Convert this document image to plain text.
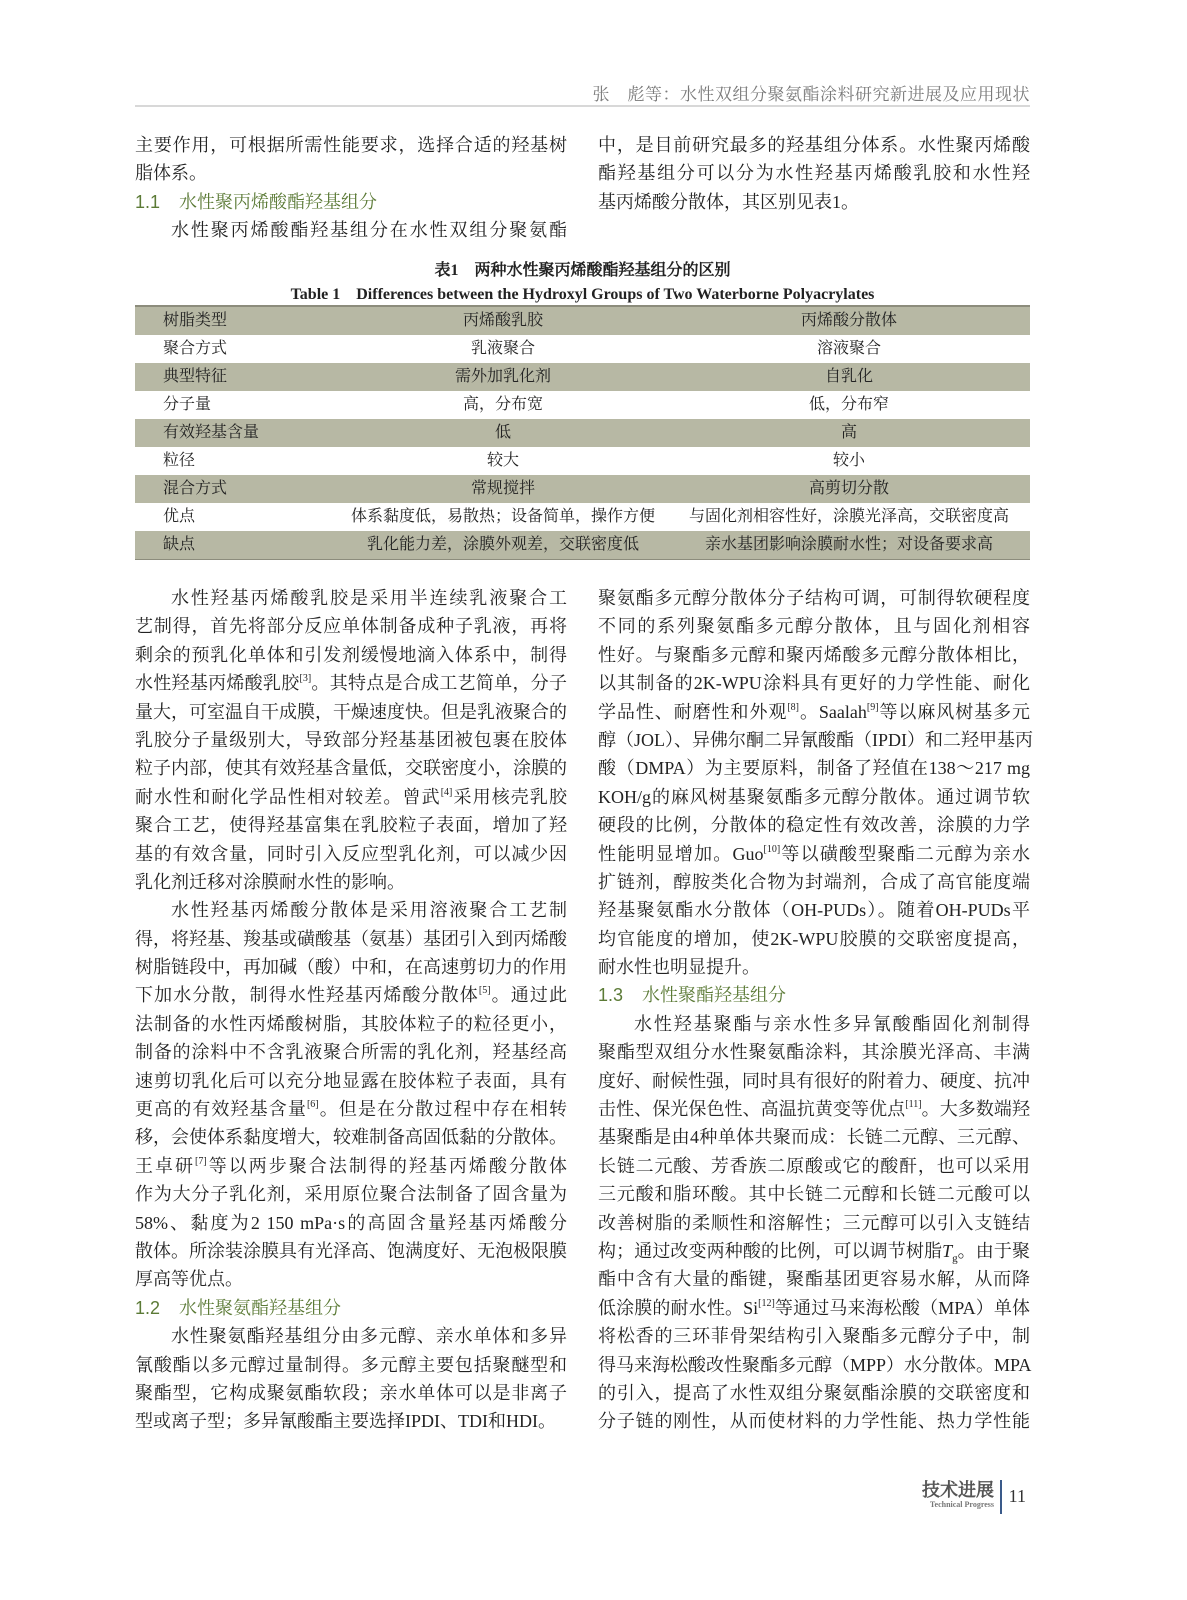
张　彪等：水性双组分聚氨酯涂料研究新进展及应用现状
主要作用，可根据所需性能要求，选择合适的羟基树
脂体系。
1.1 水性聚丙烯酸酯羟基组分
水性聚丙烯酸酯羟基组分在水性双组分聚氨酯
中，是目前研究最多的羟基组分体系。水性聚丙烯酸
酯羟基组分可以分为水性羟基丙烯酸乳胶和水性羟
基丙烯酸分散体，其区别见表1。
表1　两种水性聚丙烯酸酯羟基组分的区别
Table 1　Differences between the Hydroxyl Groups of Two Waterborne Polyacrylates
树脂类型	丙烯酸乳胶	丙烯酸分散体
聚合方式	乳液聚合	溶液聚合
典型特征	需外加乳化剂	自乳化
分子量	高，分布宽	低，分布窄
有效羟基含量	低	高
粒径	较大	较小
混合方式	常规搅拌	高剪切分散
优点	体系黏度低，易散热；设备简单，操作方便	与固化剂相容性好，涂膜光泽高，交联密度高
缺点	乳化能力差，涂膜外观差，交联密度低	亲水基团影响涂膜耐水性；对设备要求高
水性羟基丙烯酸乳胶是采用半连续乳液聚合工
艺制得，首先将部分反应单体制备成种子乳液，再将
剩余的预乳化单体和引发剂缓慢地滴入体系中，制得
水性羟基丙烯酸乳胶[3]。其特点是合成工艺简单，分子
量大，可室温自干成膜，干燥速度快。但是乳液聚合的
乳胶分子量级别大，导致部分羟基基团被包裹在胶体
粒子内部，使其有效羟基含量低，交联密度小，涂膜的
耐水性和耐化学品性相对较差。曾武[4]采用核壳乳胶
聚合工艺，使得羟基富集在乳胶粒子表面，增加了羟
基的有效含量，同时引入反应型乳化剂，可以减少因
乳化剂迁移对涂膜耐水性的影响。
水性羟基丙烯酸分散体是采用溶液聚合工艺制
得，将羟基、羧基或磺酸基（氨基）基团引入到丙烯酸
树脂链段中，再加碱（酸）中和，在高速剪切力的作用
下加水分散，制得水性羟基丙烯酸分散体[5]。通过此
法制备的水性丙烯酸树脂，其胶体粒子的粒径更小，
制备的涂料中不含乳液聚合所需的乳化剂，羟基经高
速剪切乳化后可以充分地显露在胶体粒子表面，具有
更高的有效羟基含量[6]。但是在分散过程中存在相转
移，会使体系黏度增大，较难制备高固低黏的分散体。
王卓研[7]等以两步聚合法制得的羟基丙烯酸分散体
作为大分子乳化剂，采用原位聚合法制备了固含量为
58%、黏度为2 150 mPa·s的高固含量羟基丙烯酸分
散体。所涂装涂膜具有光泽高、饱满度好、无泡极限膜
厚高等优点。
1.2 水性聚氨酯羟基组分
水性聚氨酯羟基组分由多元醇、亲水单体和多异
氰酸酯以多元醇过量制得。多元醇主要包括聚醚型和
聚酯型，它构成聚氨酯软段；亲水单体可以是非离子
型或离子型；多异氰酸酯主要选择IPDI、TDI和HDI。
聚氨酯多元醇分散体分子结构可调，可制得软硬程度
不同的系列聚氨酯多元醇分散体，且与固化剂相容
性好。与聚酯多元醇和聚丙烯酸多元醇分散体相比，
以其制备的2K-WPU涂料具有更好的力学性能、耐化
学品性、耐磨性和外观[8]。Saalah[9]等以麻风树基多元
醇（JOL）、异佛尔酮二异氰酸酯（IPDI）和二羟甲基丙
酸（DMPA）为主要原料，制备了羟值在138～217 mg
KOH/g的麻风树基聚氨酯多元醇分散体。通过调节软
硬段的比例，分散体的稳定性有效改善，涂膜的力学
性能明显增加。Guo[10]等以磺酸型聚酯二元醇为亲水
扩链剂，醇胺类化合物为封端剂，合成了高官能度端
羟基聚氨酯水分散体（OH-PUDs）。随着OH-PUDs平
均官能度的增加，使2K-WPU胶膜的交联密度提高，
耐水性也明显提升。
1.3 水性聚酯羟基组分
水性羟基聚酯与亲水性多异氰酸酯固化剂制得
聚酯型双组分水性聚氨酯涂料，其涂膜光泽高、丰满
度好、耐候性强，同时具有很好的附着力、硬度、抗冲
击性、保光保色性、高温抗黄变等优点[11]。大多数端羟
基聚酯是由4种单体共聚而成：长链二元醇、三元醇、
长链二元酸、芳香族二原酸或它的酸酐，也可以采用
三元酸和脂环酸。其中长链二元醇和长链二元酸可以
改善树脂的柔顺性和溶解性；三元醇可以引入支链结
构；通过改变两种酸的比例，可以调节树脂$T_g$。由于聚
酯中含有大量的酯键，聚酯基团更容易水解，从而降
低涂膜的耐水性。Si[12]等通过马来海松酸（MPA）单体
将松香的三环菲骨架结构引入聚酯多元醇分子中，制
得马来海松酸改性聚酯多元醇（MPP）水分散体。MPA
的引入，提高了水性双组分聚氨酯涂膜的交联密度和
分子链的刚性，从而使材料的力学性能、热力学性能
技术进展
Technical Progress 11
